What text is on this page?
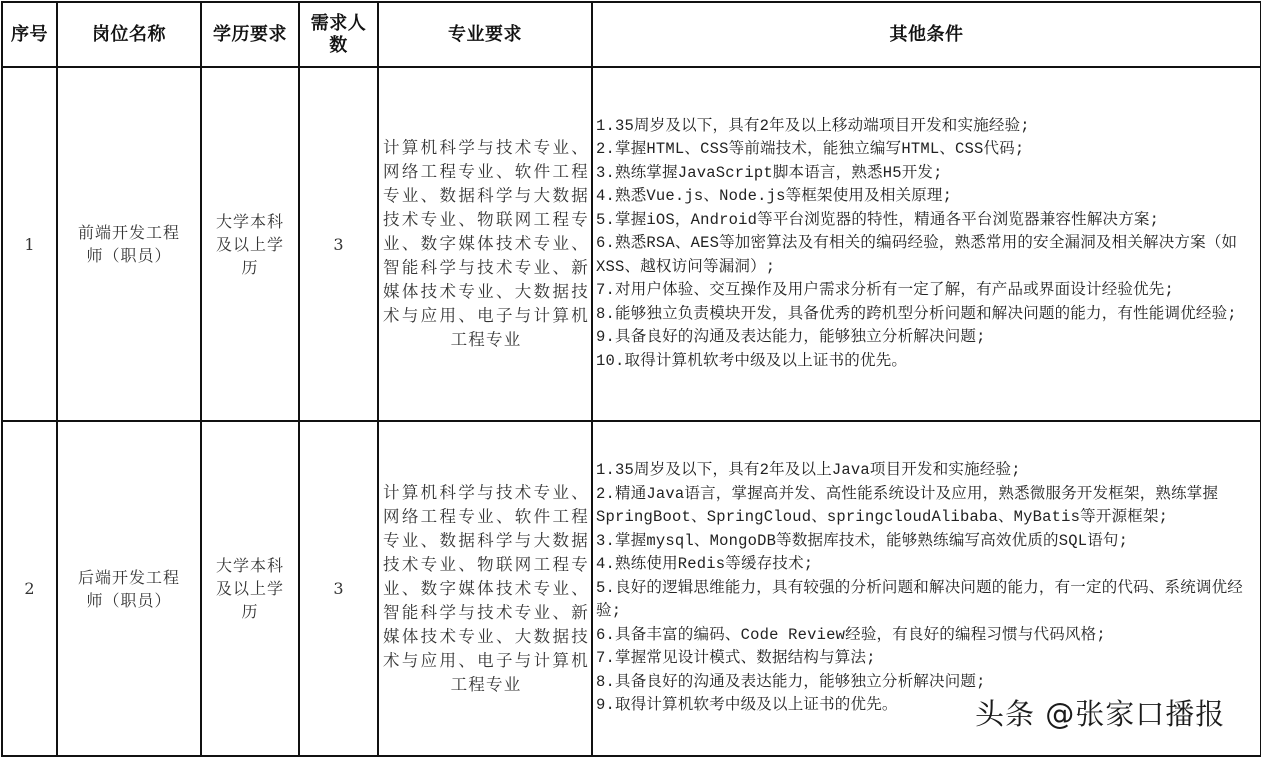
序号	岗位名称	学历要求	需求人数	专业要求	其他条件
1	前端开发工程师（职员）	大学本科及以上学历	3	计算机科学与技术专业、网络工程专业、软件工程专业、数据科学与大数据技术专业、物联网工程专业、数字媒体技术专业、智能科学与技术专业、新媒体技术专业、大数据技术与应用、电子与计算机工程专业	
1.35周岁及以下，具有2年及以上移动端项目开发和实施经验;
2.掌握HTML、CSS等前端技术，能独立编写HTML、CSS代码;
3.熟练掌握JavaScript脚本语言，熟悉H5开发;
4.熟悉Vue.js、Node.js等框架使用及相关原理;
5.掌握iOS，Android等平台浏览器的特性，精通各平台浏览器兼容性解决方案;
6.熟悉RSA、AES等加密算法及有相关的编码经验，熟悉常用的安全漏洞及相关解决方案（如XSS、越权访问等漏洞）;
7.对用户体验、交互操作及用户需求分析有一定了解，有产品或界面设计经验优先;
8.能够独立负责模块开发，具备优秀的跨机型分析问题和解决问题的能力，有性能调优经验;
9.具备良好的沟通及表达能力，能够独立分析解决问题;
10.取得计算机软考中级及以上证书的优先。

2	后端开发工程师（职员）	大学本科及以上学历	3	计算机科学与技术专业、网络工程专业、软件工程专业、数据科学与大数据技术专业、物联网工程专业、数字媒体技术专业、智能科学与技术专业、新媒体技术专业、大数据技术与应用、电子与计算机工程专业	
1.35周岁及以下，具有2年及以上Java项目开发和实施经验;
2.精通Java语言，掌握高并发、高性能系统设计及应用，熟悉微服务开发框架，熟练掌握SpringBoot、SpringCloud、springcloudAlibaba、MyBatis等开源框架;
3.掌握mysql、MongoDB等数据库技术，能够熟练编写高效优质的SQL语句;
4.熟练使用Redis等缓存技术;
5.良好的逻辑思维能力，具有较强的分析问题和解决问题的能力，有一定的代码、系统调优经验;
6.具备丰富的编码、Code Review经验，有良好的编程习惯与代码风格;
7.掌握常见设计模式、数据结构与算法;
8.具备良好的沟通及表达能力，能够独立分析解决问题;
9.取得计算机软考中级及以上证书的优先。	头条 @张家口播报
